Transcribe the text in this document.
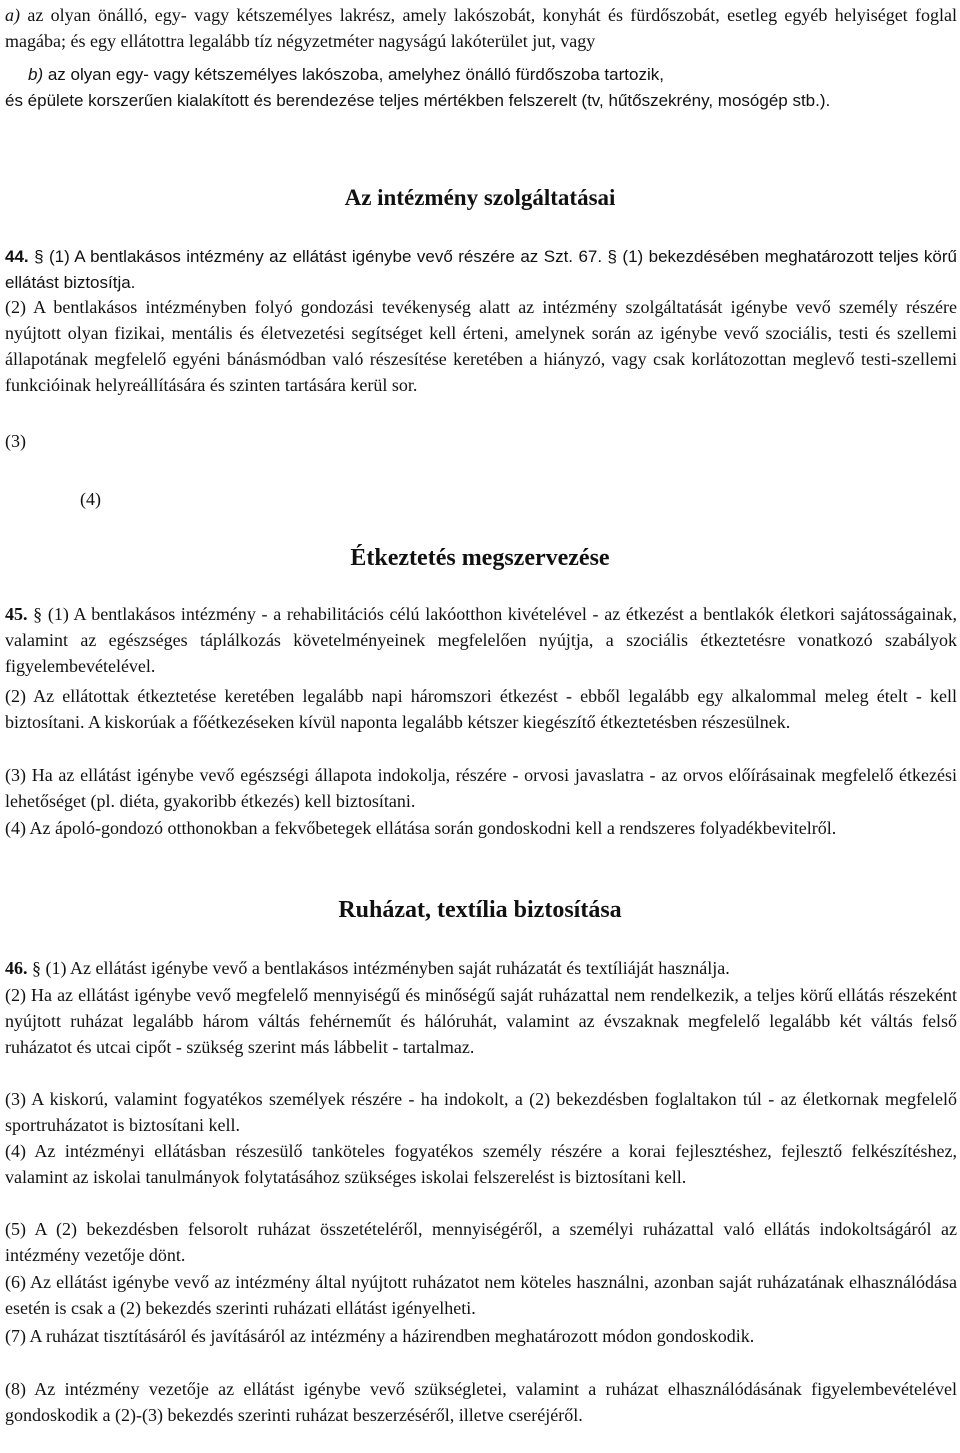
a) az olyan önálló, egy- vagy kétszemélyes lakrész, amely lakószobát, konyhát és fürdőszobát, esetleg egyéb helyiséget foglal magába; és egy ellátottra legalább tíz négyzetméter nagyságú lakóterület jut, vagy
b) az olyan egy- vagy kétszemélyes lakószoba, amelyhez önálló fürdőszoba tartozik,
és épülete korszerűen kialakított és berendezése teljes mértékben felszerelt (tv, hűtőszekrény, mosógép stb.).
Az intézmény szolgáltatásai
44. § (1) A bentlakásos intézmény az ellátást igénybe vevő részére az Szt. 67. § (1) bekezdésében meghatározott teljes körű ellátást biztosítja.
(2) A bentlakásos intézményben folyó gondozási tevékenység alatt az intézmény szolgáltatását igénybe vevő személy részére nyújtott olyan fizikai, mentális és életvezetési segítséget kell érteni, amelynek során az igénybe vevő szociális, testi és szellemi állapotának megfelelő egyéni bánásmódban való részesítése keretében a hiányzó, vagy csak korlátozottan meglevő testi-szellemi funkcióinak helyreállítására és szinten tartására kerül sor.
(3)
(4)
Étkeztetés megszervezése
45. § (1) A bentlakásos intézmény - a rehabilitációs célú lakóotthon kivételével - az étkezést a bentlakók életkori sajátosságainak, valamint az egészséges táplálkozás követelményeinek megfelelően nyújtja, a szociális étkeztetésre vonatkozó szabályok figyelembevételével.
(2) Az ellátottak étkeztetése keretében legalább napi háromszori étkezést - ebből legalább egy alkalommal meleg ételt - kell biztosítani. A kiskorúak a főétkezéseken kívül naponta legalább kétszer kiegészítő étkeztetésben részesülnek.
(3) Ha az ellátást igénybe vevő egészségi állapota indokolja, részére - orvosi javaslatra - az orvos előírásainak megfelelő étkezési lehetőséget (pl. diéta, gyakoribb étkezés) kell biztosítani.
(4) Az ápoló-gondozó otthonokban a fekvőbetegek ellátása során gondoskodni kell a rendszeres folyadékbevitelről.
Ruházat, textília biztosítása
46. § (1) Az ellátást igénybe vevő a bentlakásos intézményben saját ruházatát és textíliáját használja.
(2) Ha az ellátást igénybe vevő megfelelő mennyiségű és minőségű saját ruházattal nem rendelkezik, a teljes körű ellátás részeként nyújtott ruházat legalább három váltás fehérneműt és hálóruhát, valamint az évszaknak megfelelő legalább két váltás felső ruházatot és utcai cipőt - szükség szerint más lábbelit - tartalmaz.
(3) A kiskorú, valamint fogyatékos személyek részére - ha indokolt, a (2) bekezdésben foglaltakon túl - az életkornak megfelelő sportruházatot is biztosítani kell.
(4) Az intézményi ellátásban részesülő tanköteles fogyatékos személy részére a korai fejlesztéshez, fejlesztő felkészítéshez, valamint az iskolai tanulmányok folytatásához szükséges iskolai felszerelést is biztosítani kell.
(5) A (2) bekezdésben felsorolt ruházat összetételéről, mennyiségéről, a személyi ruházattal való ellátás indokoltságáról az intézmény vezetője dönt.
(6) Az ellátást igénybe vevő az intézmény által nyújtott ruházatot nem köteles használni, azonban saját ruházatának elhasználódása esetén is csak a (2) bekezdés szerinti ruházati ellátást igényelheti.
(7) A ruházat tisztításáról és javításáról az intézmény a házirendben meghatározott módon gondoskodik.
(8) Az intézmény vezetője az ellátást igénybe vevő szükségletei, valamint a ruházat elhasználódásának figyelembevételével gondoskodik a (2)-(3) bekezdés szerinti ruházat beszerzéséről, illetve cseréjéről.
